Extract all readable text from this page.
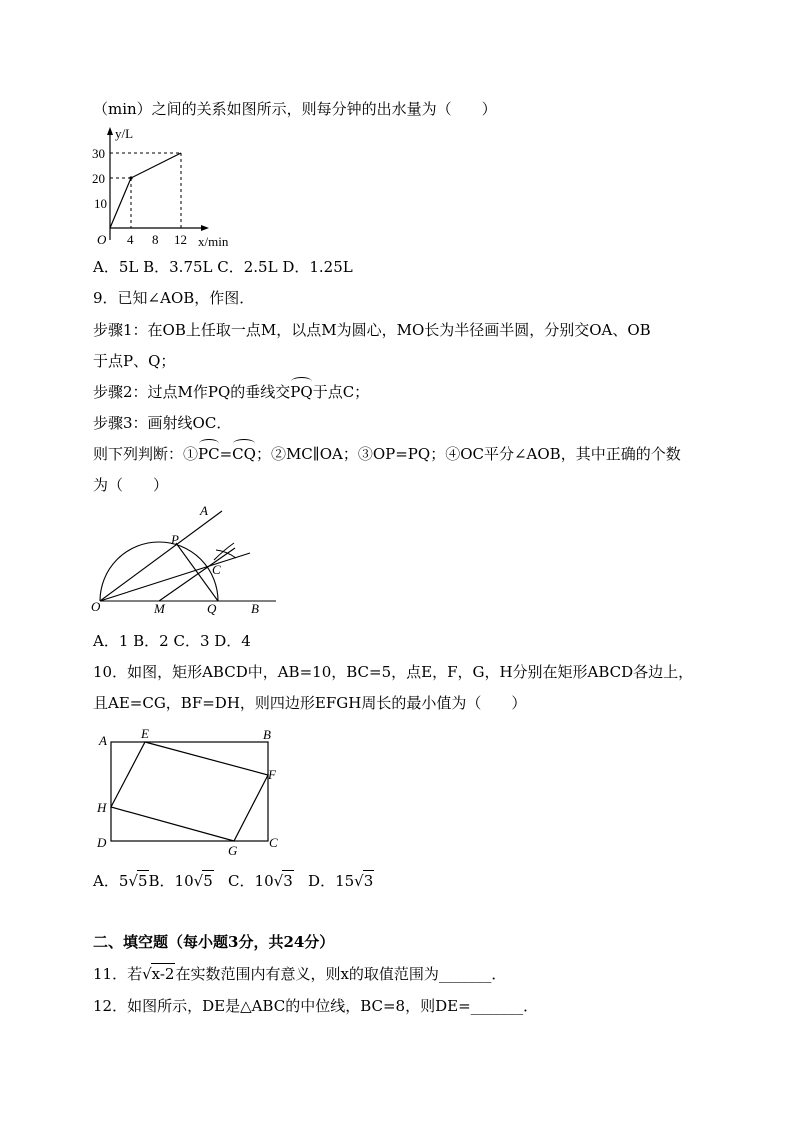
（min）之间的关系如图所示，则每分钟的出水量为（　　）
y/L
30
20
10
O 4 8 12 x/min
A．5L B．3.75L C．2.5L D．1.25L
9．已知∠AOB，作图．
步骤1：在OB上任取一点M，以点M为圆心，MO长为半径画半圆，分别交OA、OB
于点P、Q；
步骤2：过点M作PQ的垂线交PQ于点C；
步骤3：画射线OC．
则下列判断：①PC=CQ；②MC∥OA；③OP=PQ；④OC平分∠AOB，其中正确的个数
为（　　）
A
P
C
O	M	Q	B
A．1 B．2 C．3 D．4
10．如图，矩形ABCD中，AB=10，BC=5，点E，F，G，H分别在矩形ABCD各边上，
且AE=CG，BF=DH，则四边形EFGH周长的最小值为（　　）
A	E	B
F
H
D
G
C
A．5√5B．10√5 C．10√3 D．15√3
二、填空题（每小题3分，共24分）
11．若√x-2在实数范围内有意义，则x的取值范围为_______．
12．如图所示，DE是△ABC的中位线，BC=8，则DE=_______．
